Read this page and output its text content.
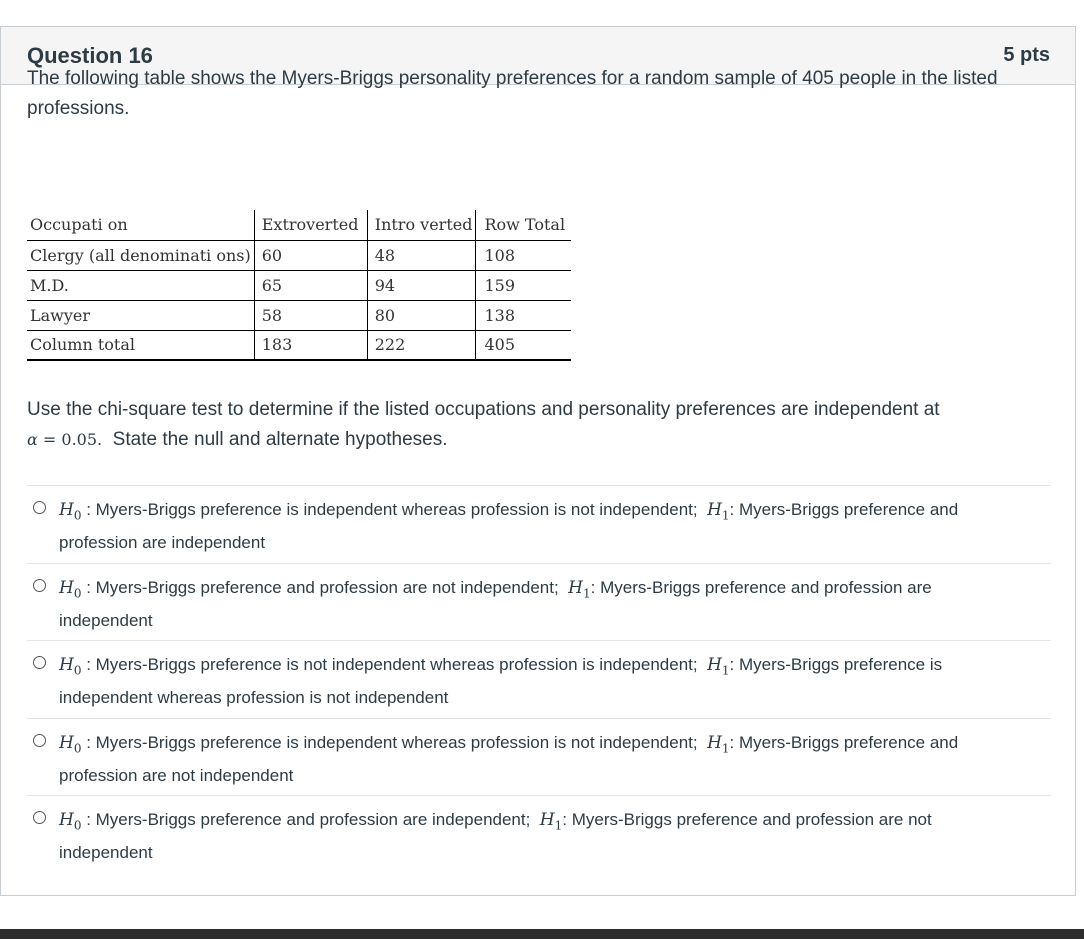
Question 16	5 pts

The following table shows the Myers-Briggs personality preferences for a random sample of 405 people in the listed professions.

Occupati on	Extroverted	Intro verted	Row Total
Clergy (all denominati ons)	60	48	108
M.D.	65	94	159
Lawyer	58	80	138
Column total	183	222	405

Use the chi-square test to determine if the listed occupations and personality preferences are independent at
α = 0.05. State the null and alternate hypotheses.

$H_0$ : Myers-Briggs preference is independent whereas profession is not independent; $H_1$: Myers-Briggs preference and profession are independent
$H_0$ : Myers-Briggs preference and profession are not independent; $H_1$: Myers-Briggs preference and profession are independent
$H_0$ : Myers-Briggs preference is not independent whereas profession is independent; $H_1$: Myers-Briggs preference is independent whereas profession is not independent
$H_0$ : Myers-Briggs preference is independent whereas profession is not independent; $H_1$: Myers-Briggs preference and profession are not independent
$H_0$ : Myers-Briggs preference and profession are independent; $H_1$: Myers-Briggs preference and profession are not independent
